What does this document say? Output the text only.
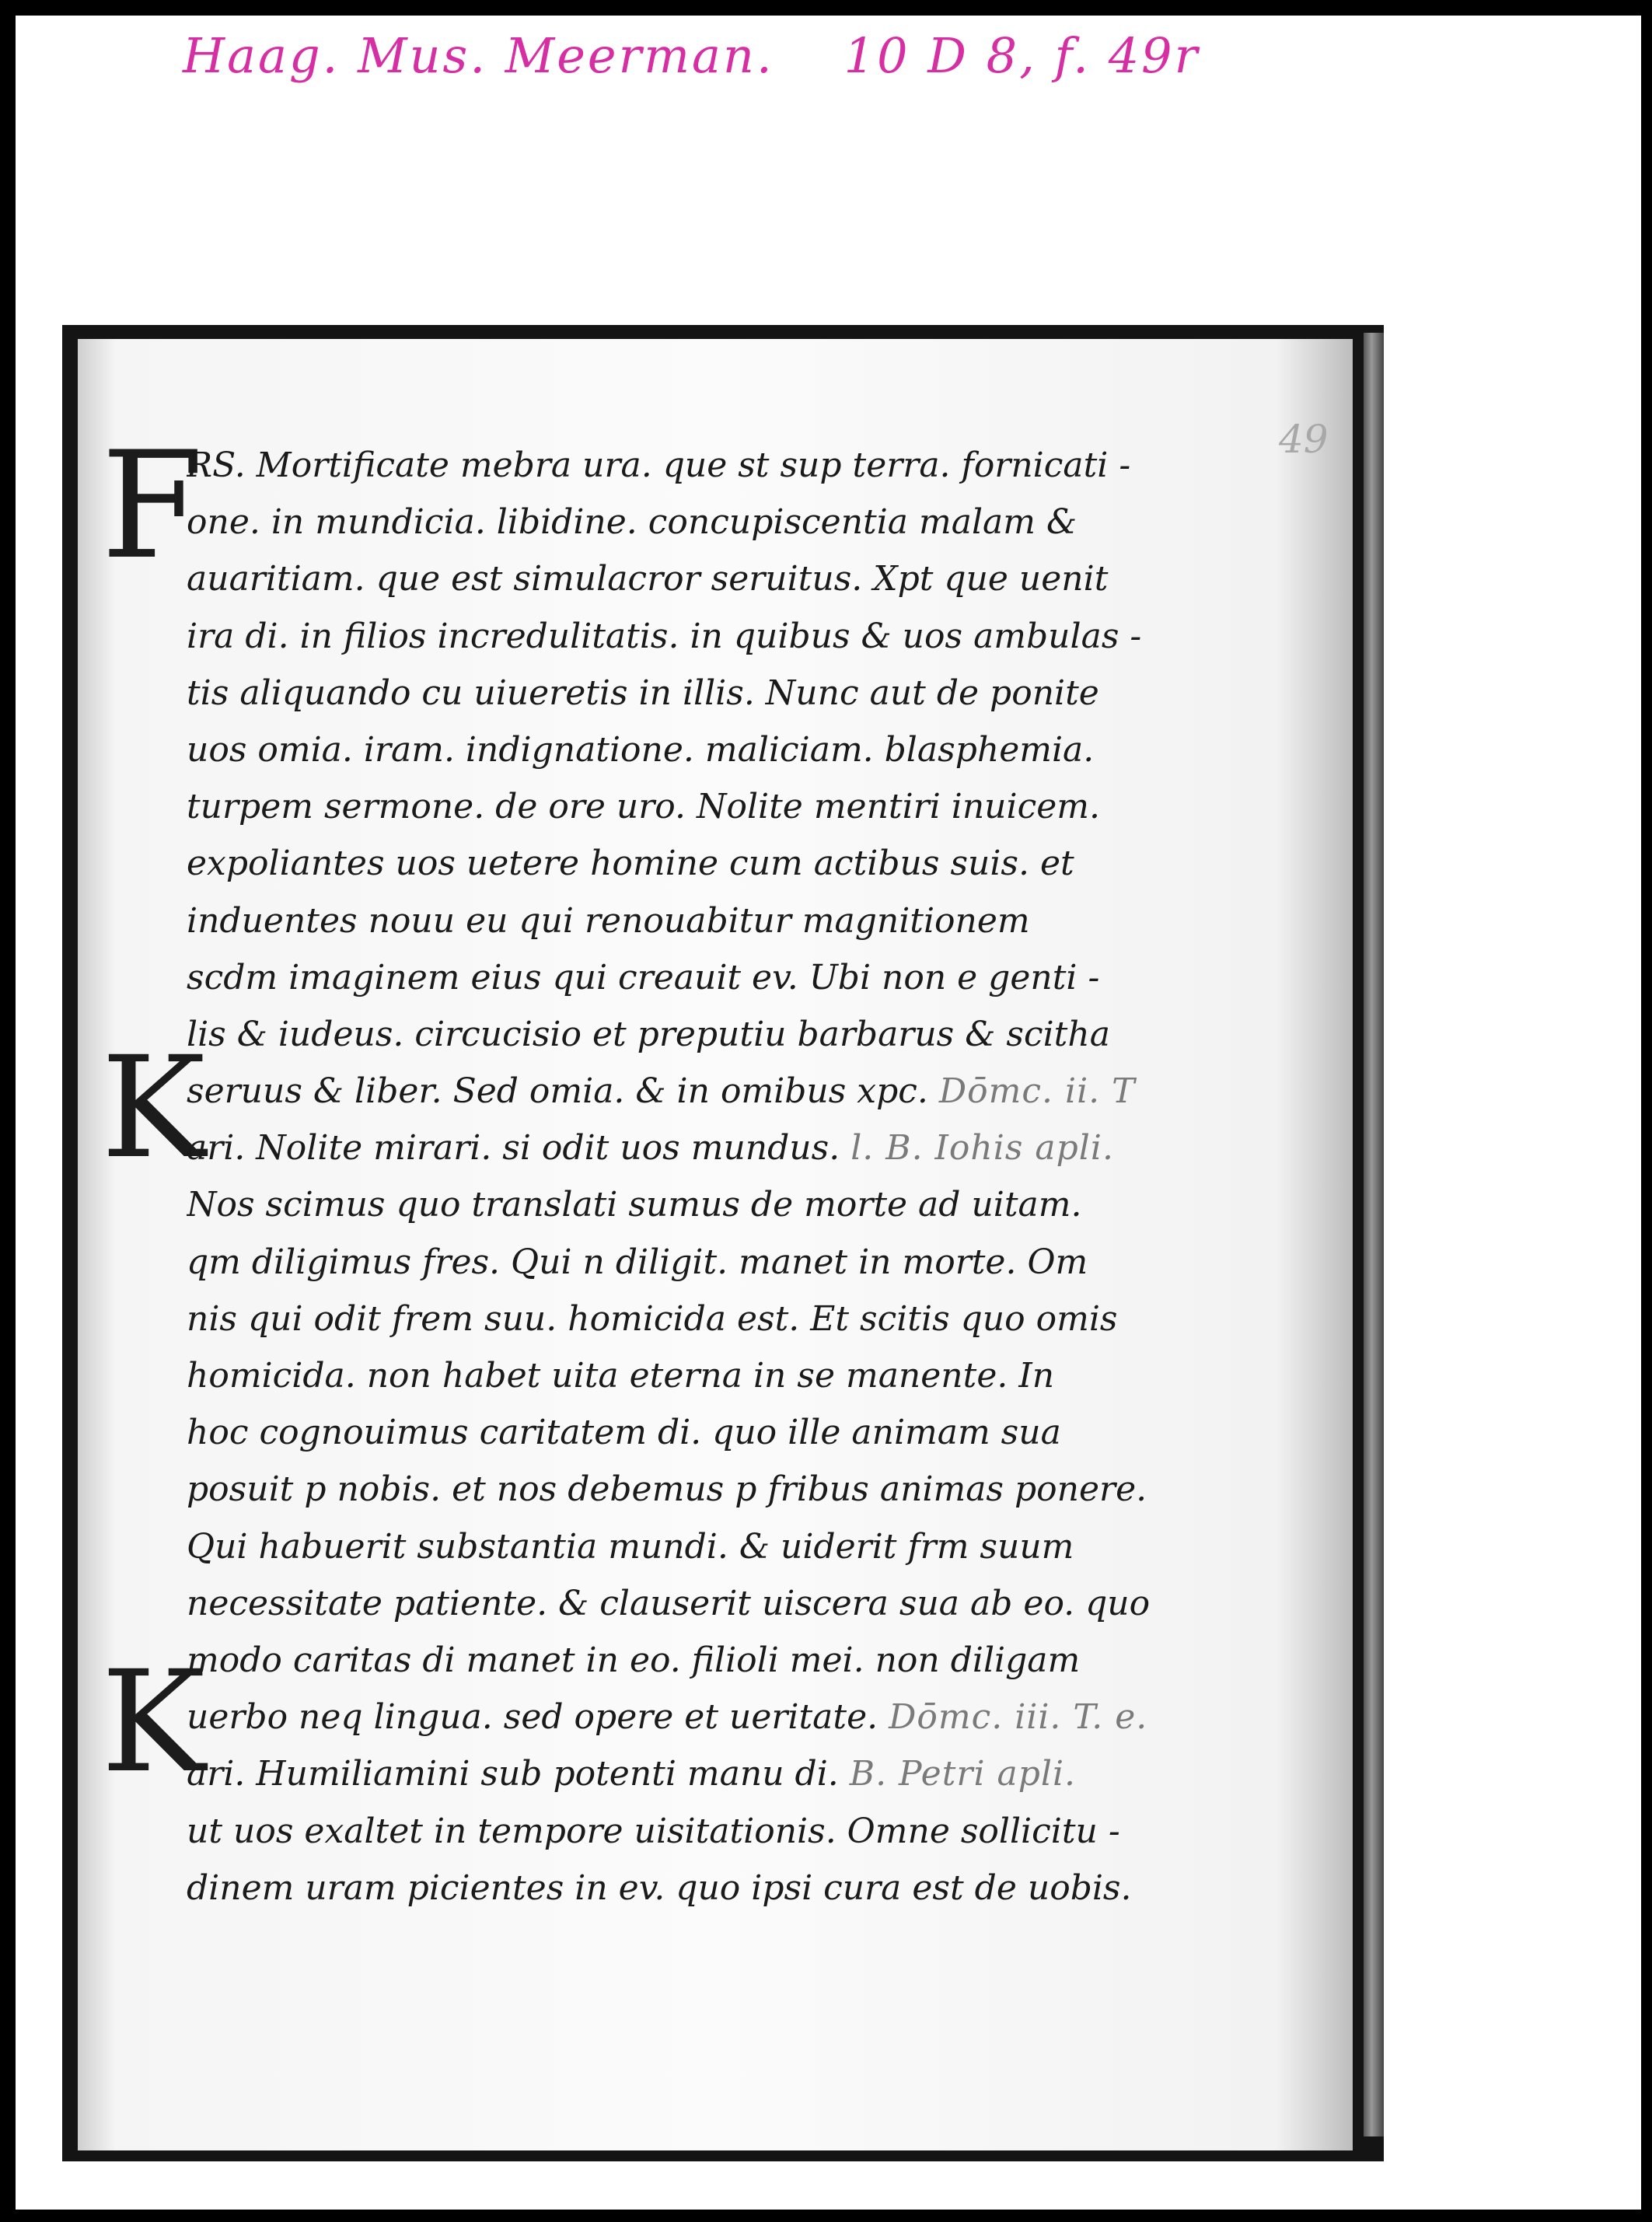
Haag. Mus. Meerman. 10 D 8, f. 49r
49
F
K
K
RS. Mortificate mebra ura. que st sup terra. fornicati -
one. in mundicia. libidine. concupiscentia malam &
auaritiam. que est simulacror seruitus. Xpt que uenit
ira di. in filios incredulitatis. in quibus & uos ambulas -
tis aliquando cu uiueretis in illis. Nunc aut de ponite
uos omia. iram. indignatione. maliciam. blasphemia.
turpem sermone. de ore uro. Nolite mentiri inuicem.
expoliantes uos uetere homine cum actibus suis. et
induentes nouu eu qui renouabitur magnitionem
scdm imaginem eius qui creauit ev. Ubi non e genti -
lis & iudeus. circucisio et preputiu barbarus & scitha
seruus & liber. Sed omia. & in omibus xpc. Dōmc. ii. T
ari. Nolite mirari. si odit uos mundus. l. B. Iohis apli.
Nos scimus quo translati sumus de morte ad uitam.
qm diligimus fres. Qui n diligit. manet in morte. Om
nis qui odit frem suu. homicida est. Et scitis quo omis
homicida. non habet uita eterna in se manente. In
hoc cognouimus caritatem di. quo ille animam sua
posuit p nobis. et nos debemus p fribus animas ponere.
Qui habuerit substantia mundi. & uiderit frm suum
necessitate patiente. & clauserit uiscera sua ab eo. quo
modo caritas di manet in eo. filioli mei. non diligam
uerbo neq lingua. sed opere et ueritate. Dōmc. iii. T. e.
ari. Humiliamini sub potenti manu di. B. Petri apli.
ut uos exaltet in tempore uisitationis. Omne sollicitu -
dinem uram picientes in ev. quo ipsi cura est de uobis.
